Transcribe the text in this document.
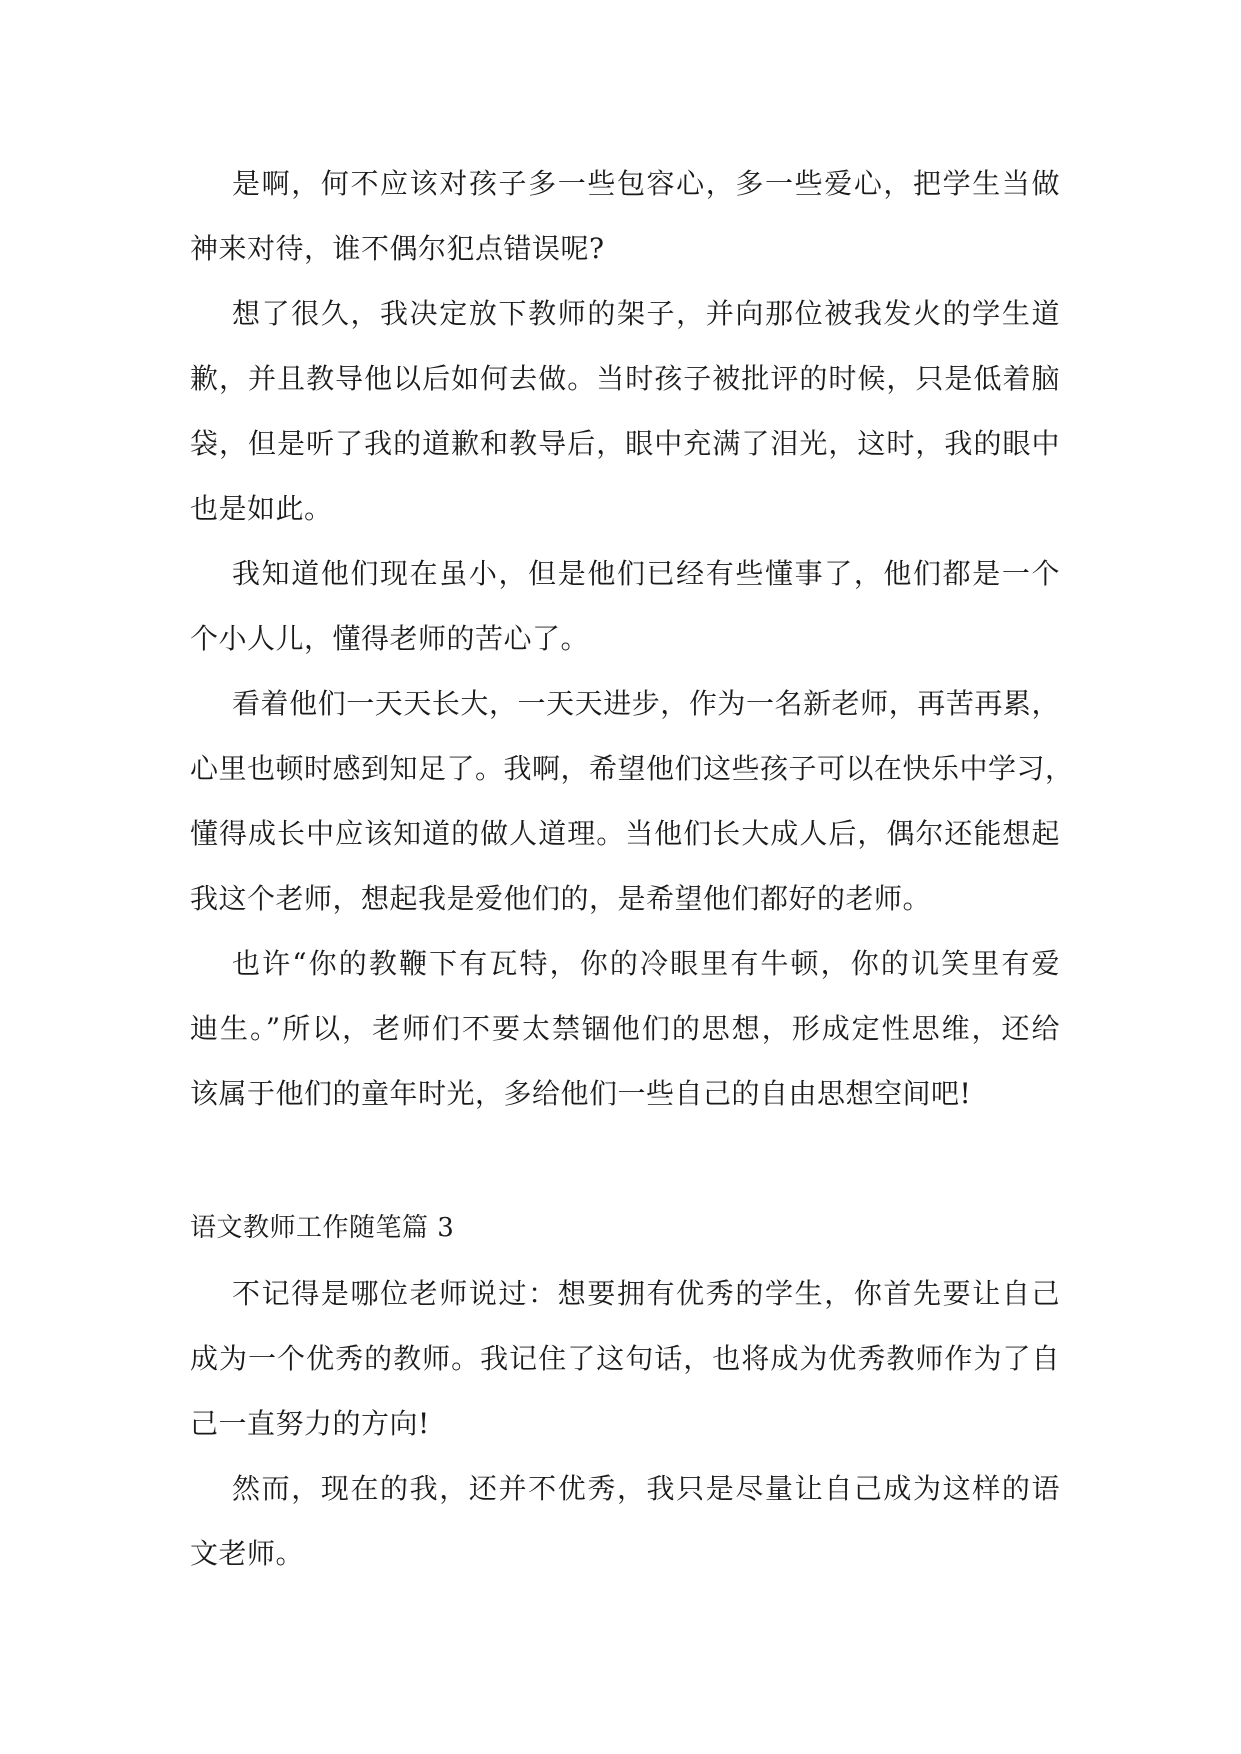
是啊，何不应该对孩子多一些包容心，多一些爱心，把学生当做
神来对待，谁不偶尔犯点错误呢?
想了很久，我决定放下教师的架子，并向那位被我发火的学生道
歉，并且教导他以后如何去做。当时孩子被批评的时候，只是低着脑
袋，但是听了我的道歉和教导后，眼中充满了泪光，这时，我的眼中
也是如此。
我知道他们现在虽小，但是他们已经有些懂事了，他们都是一个
个小人儿，懂得老师的苦心了。
看着他们一天天长大，一天天进步，作为一名新老师，再苦再累，
心里也顿时感到知足了。我啊，希望他们这些孩子可以在快乐中学习，
懂得成长中应该知道的做人道理。当他们长大成人后，偶尔还能想起
我这个老师，想起我是爱他们的，是希望他们都好的老师。
也许“你的教鞭下有瓦特，你的冷眼里有牛顿，你的讥笑里有爱
迪生。”所以，老师们不要太禁锢他们的思想，形成定性思维，还给
该属于他们的童年时光，多给他们一些自己的自由思想空间吧!
语文教师工作随笔篇 3
不记得是哪位老师说过：想要拥有优秀的学生，你首先要让自己
成为一个优秀的教师。我记住了这句话，也将成为优秀教师作为了自
己一直努力的方向!
然而，现在的我，还并不优秀，我只是尽量让自己成为这样的语
文老师。
